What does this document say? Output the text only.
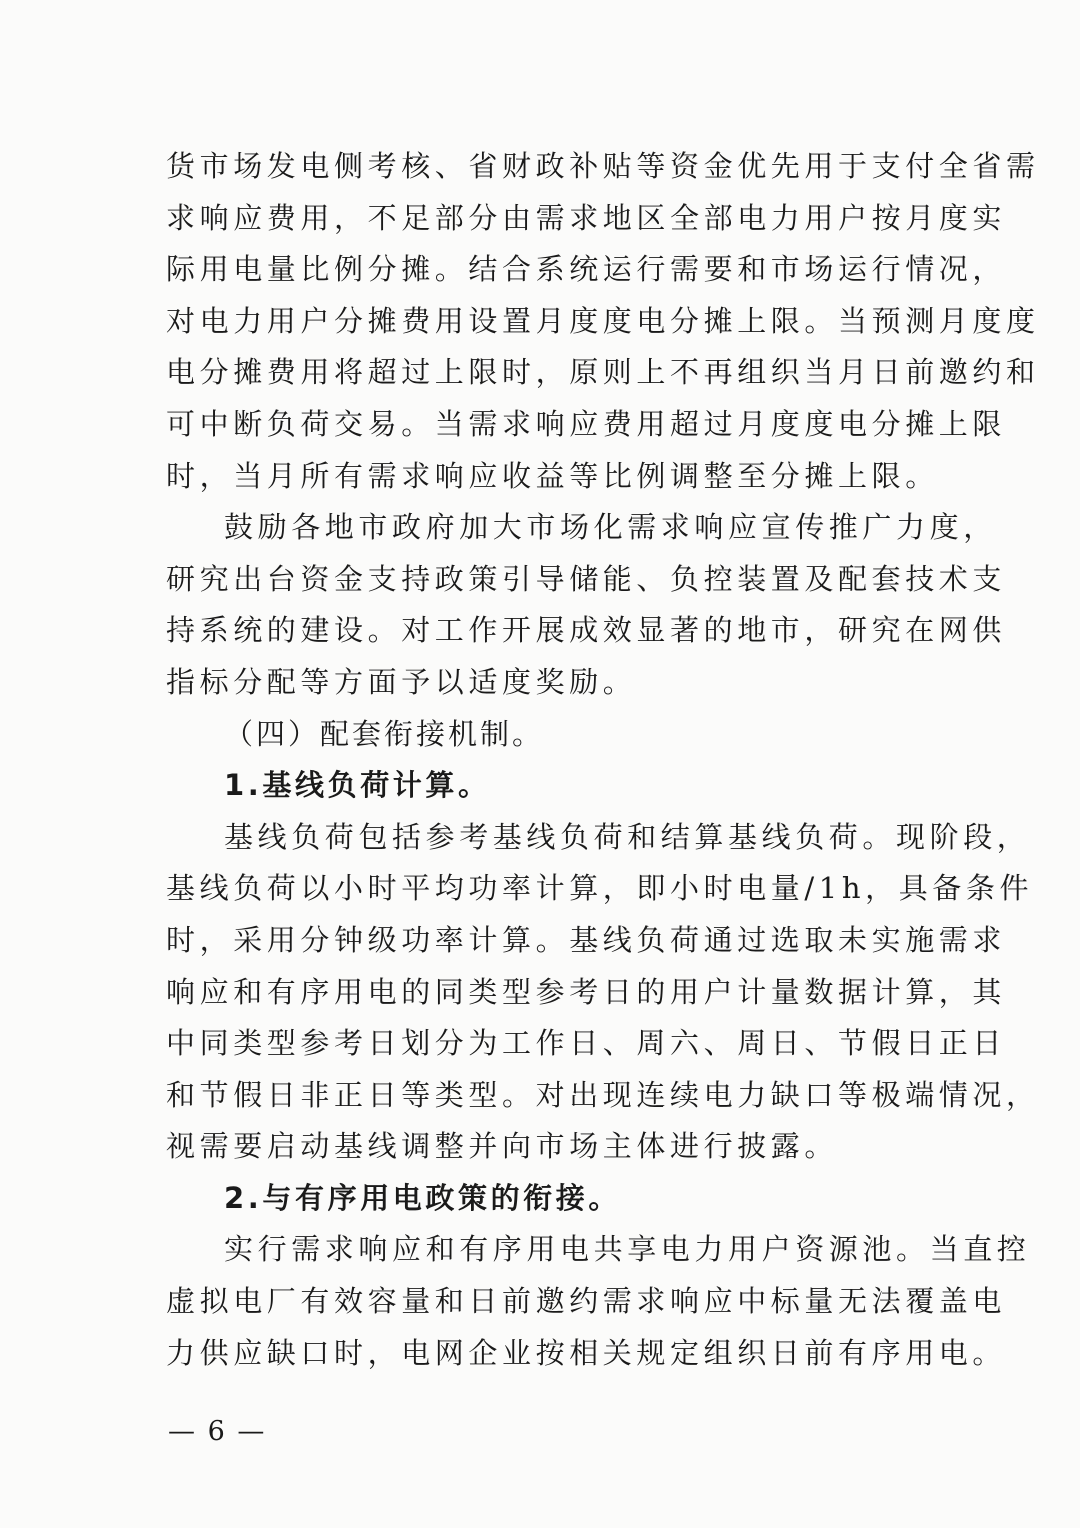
货市场发电侧考核、省财政补贴等资金优先用于支付全省需
求响应费用，不足部分由需求地区全部电力用户按月度实
际用电量比例分摊。结合系统运行需要和市场运行情况，
对电力用户分摊费用设置月度度电分摊上限。当预测月度度
电分摊费用将超过上限时，原则上不再组织当月日前邀约和
可中断负荷交易。当需求响应费用超过月度度电分摊上限
时，当月所有需求响应收益等比例调整至分摊上限。
鼓励各地市政府加大市场化需求响应宣传推广力度，
研究出台资金支持政策引导储能、负控装置及配套技术支
持系统的建设。对工作开展成效显著的地市，研究在网供
指标分配等方面予以适度奖励。
（四）配套衔接机制。
1.基线负荷计算。
基线负荷包括参考基线负荷和结算基线负荷。现阶段，
基线负荷以小时平均功率计算，即小时电量/1h，具备条件
时，采用分钟级功率计算。基线负荷通过选取未实施需求
响应和有序用电的同类型参考日的用户计量数据计算，其
中同类型参考日划分为工作日、周六、周日、节假日正日
和节假日非正日等类型。对出现连续电力缺口等极端情况，
视需要启动基线调整并向市场主体进行披露。
2.与有序用电政策的衔接。
实行需求响应和有序用电共享电力用户资源池。当直控
虚拟电厂有效容量和日前邀约需求响应中标量无法覆盖电
力供应缺口时，电网企业按相关规定组织日前有序用电。
— 6 —
